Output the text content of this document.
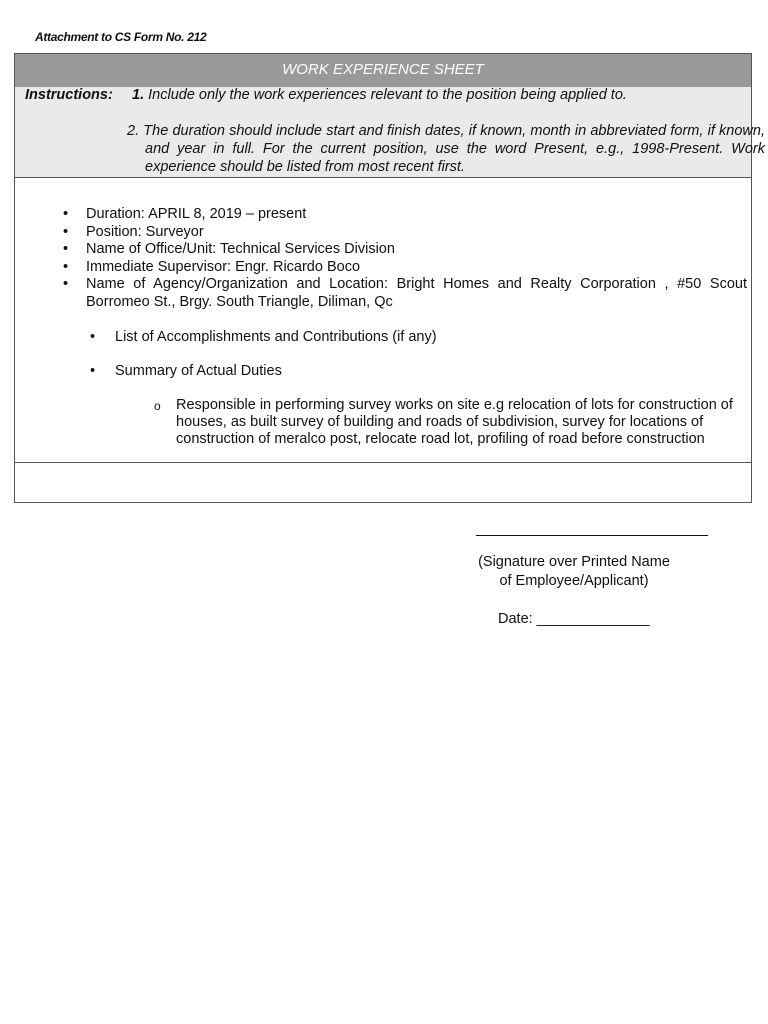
Attachment to CS Form No. 212
WORK EXPERIENCE SHEET
Instructions: 1. Include only the work experiences relevant to the position being applied to.
2. The duration should include start and finish dates, if known, month in abbreviated form, if known, and year in full. For the current position, use the word Present, e.g., 1998-Present. Work experience should be listed from most recent first.
• Duration: APRIL 8, 2019 – present
• Position: Surveyor
• Name of Office/Unit: Technical Services Division
• Immediate Supervisor: Engr. Ricardo Boco
• Name of Agency/Organization and Location: Bright Homes and Realty Corporation , #50 Scout Borromeo St., Brgy. South Triangle, Diliman, Qc
• List of Accomplishments and Contributions (if any)
• Summary of Actual Duties
o Responsible in performing survey works on site e.g relocation of lots for construction of houses, as built survey of building and roads of subdivision, survey for locations of construction of meralco post, relocate road lot, profiling of road before construction
(Signature over Printed Name
of Employee/Applicant)
Date: ______________
